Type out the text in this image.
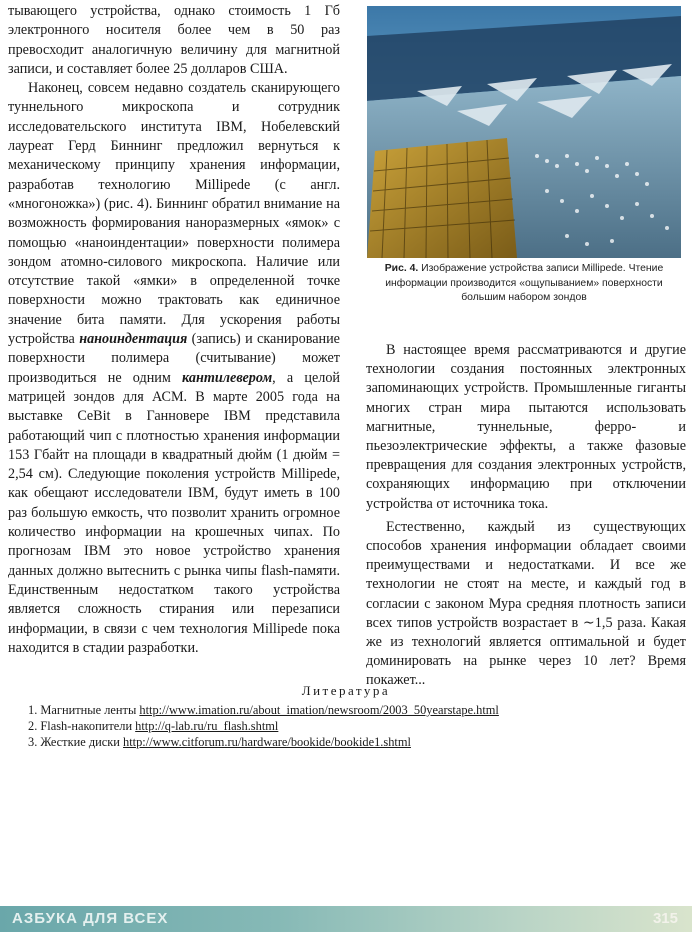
тывающего устройства, однако стоимость 1 Гб электронного носителя более чем в 50 раз превосходит аналогичную величину для магнитной записи, и составляет более 25 долларов США.

Наконец, совсем недавно создатель сканирующего туннельного микроскопа и сотрудник исследовательского института IBM, Нобелевский лауреат Герд Биннинг предложил вернуться к механическому принципу хранения информации, разработав технологию Millipede (с англ. «многоножка») (рис. 4). Биннинг обратил внимание на возможность формирования наноразмерных «ямок» с помощью «наноиндентации» поверхности полимера зондом атомно-силового микроскопа. Наличие или отсутствие такой «ямки» в определенной точке поверхности можно трактовать как единичное значение бита памяти. Для ускорения работы устройства наноиндентация (запись) и сканирование поверхности полимера (считывание) может производиться не одним кантилевером, а целой матрицей зондов для АСМ. В марте 2005 года на выставке CeBit в Ганновере IBM представила работающий чип с плотностью хранения информации 153 Гбайт на площади в квадратный дюйм (1 дюйм = 2,54 см). Следующие поколения устройств Millipede, как обещают исследователи IBM, будут иметь в 100 раз большую емкость, что позволит хранить огромное количество информации на крошечных чипах. По прогнозам IBM это новое устройство хранения данных должно вытеснить с рынка чипы flash-памяти. Единственным недостатком такого устройства является сложность стирания или перезаписи информации, в связи с чем технология Millipede пока находится в стадии разработки.

Рис. 4. Изображение устройства записи Millipede. Чтение информации производится «ощупыванием» поверхности большим набором зондов

В настоящее время рассматриваются и другие технологии создания постоянных электронных запоминающих устройств. Промышленные гиганты многих стран мира пытаются использовать магнитные, туннельные, ферро- и пьезоэлектрические эффекты, а также фазовые превращения для создания электронных устройств, сохраняющих информацию при отключении устройства от источника тока.

Естественно, каждый из существующих способов хранения информации обладает своими преимуществами и недостатками. И все же технологии не стоят на месте, и каждый год в согласии с законом Мура средняя плотность записи всех типов устройств возрастает в ∼1,5 раза. Какая же из технологий является оптимальной и будет доминировать на рынке через 10 лет? Время покажет...

Литература
1. Магнитные ленты http://www.imation.ru/about_imation/newsroom/2003_50yearstape.html
2. Flash-накопители http://q-lab.ru/ru_flash.shtml
3. Жесткие диски http://www.citforum.ru/hardware/bookide/bookide1.shtml
АЗБУКА ДЛЯ ВСЕХ	315
